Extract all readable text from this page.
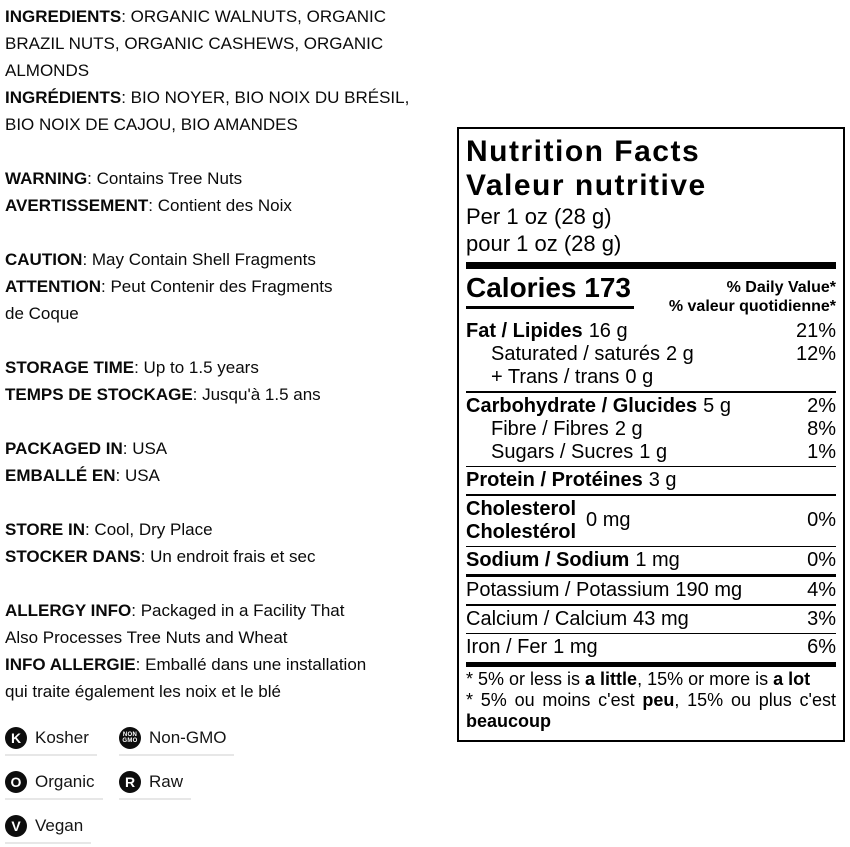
INGREDIENTS: ORGANIC WALNUTS, ORGANIC
BRAZIL NUTS, ORGANIC CASHEWS, ORGANIC
ALMONDS

INGRÉDIENTS: BIO NOYER, BIO NOIX DU BRÉSIL,
BIO NOIX DE CAJOU, BIO AMANDES

WARNING: Contains Tree Nuts

AVERTISSEMENT: Contient des Noix

CAUTION: May Contain Shell Fragments

ATTENTION: Peut Contenir des Fragments
de Coque

STORAGE TIME: Up to 1.5 years

TEMPS DE STOCKAGE: Jusqu'à 1.5 ans

PACKAGED IN: USA

EMBALLÉ EN: USA

STORE IN: Cool, Dry Place

STOCKER DANS: Un endroit frais et sec

ALLERGY INFO: Packaged in a Facility That
Also Processes Tree Nuts and Wheat

INFO ALLERGIE: Emballé dans une installation
qui traite également les noix et le blé

K Kosher	NON
GMO Non-GMO
O Organic	R Raw
V Vegan
Nutrition Facts
Valeur nutritive
Per 1 oz (28 g)
pour 1 oz (28 g)
Calories 173	% Daily Value*
% valeur quotidienne*
Fat / Lipides 16 g	21%
Saturated / saturés 2 g	12%
+ Trans / trans 0 g
Carbohydrate / Glucides 5 g	2%
Fibre / Fibres 2 g	8%
Sugars / Sucres 1 g	1%
Protein / Protéines 3 g
Cholesterol
Cholestérol
0 mg	0%
Sodium / Sodium 1 mg	0%
Potassium / Potassium 190 mg	4%
Calcium / Calcium 43 mg	3%
Iron / Fer 1 mg	6%

* 5% or less is a little, 15% or more is a lot

* 5% ou moins c'est peu, 15% ou plus c'est beaucoup
